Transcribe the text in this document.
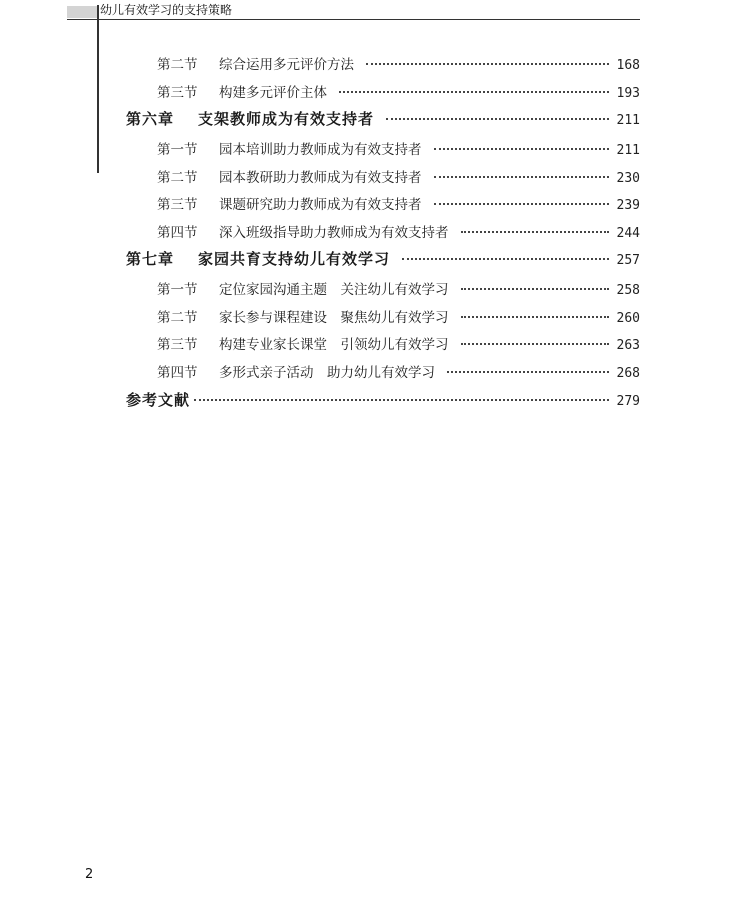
幼儿有效学习的支持策略
第二节	综合运用多元评价方法	168
第三节	构建多元评价主体	193
第六章	支架教师成为有效支持者	211
第一节	园本培训助力教师成为有效支持者	211
第二节	园本教研助力教师成为有效支持者	230
第三节	课题研究助力教师成为有效支持者	239
第四节	深入班级指导助力教师成为有效支持者	244
第七章	家园共育支持幼儿有效学习	257
第一节	定位家园沟通主题　关注幼儿有效学习	258
第二节	家长参与课程建设　聚焦幼儿有效学习	260
第三节	构建专业家长课堂　引领幼儿有效学习	263
第四节	多形式亲子活动　助力幼儿有效学习	268
参考文献	279
2
